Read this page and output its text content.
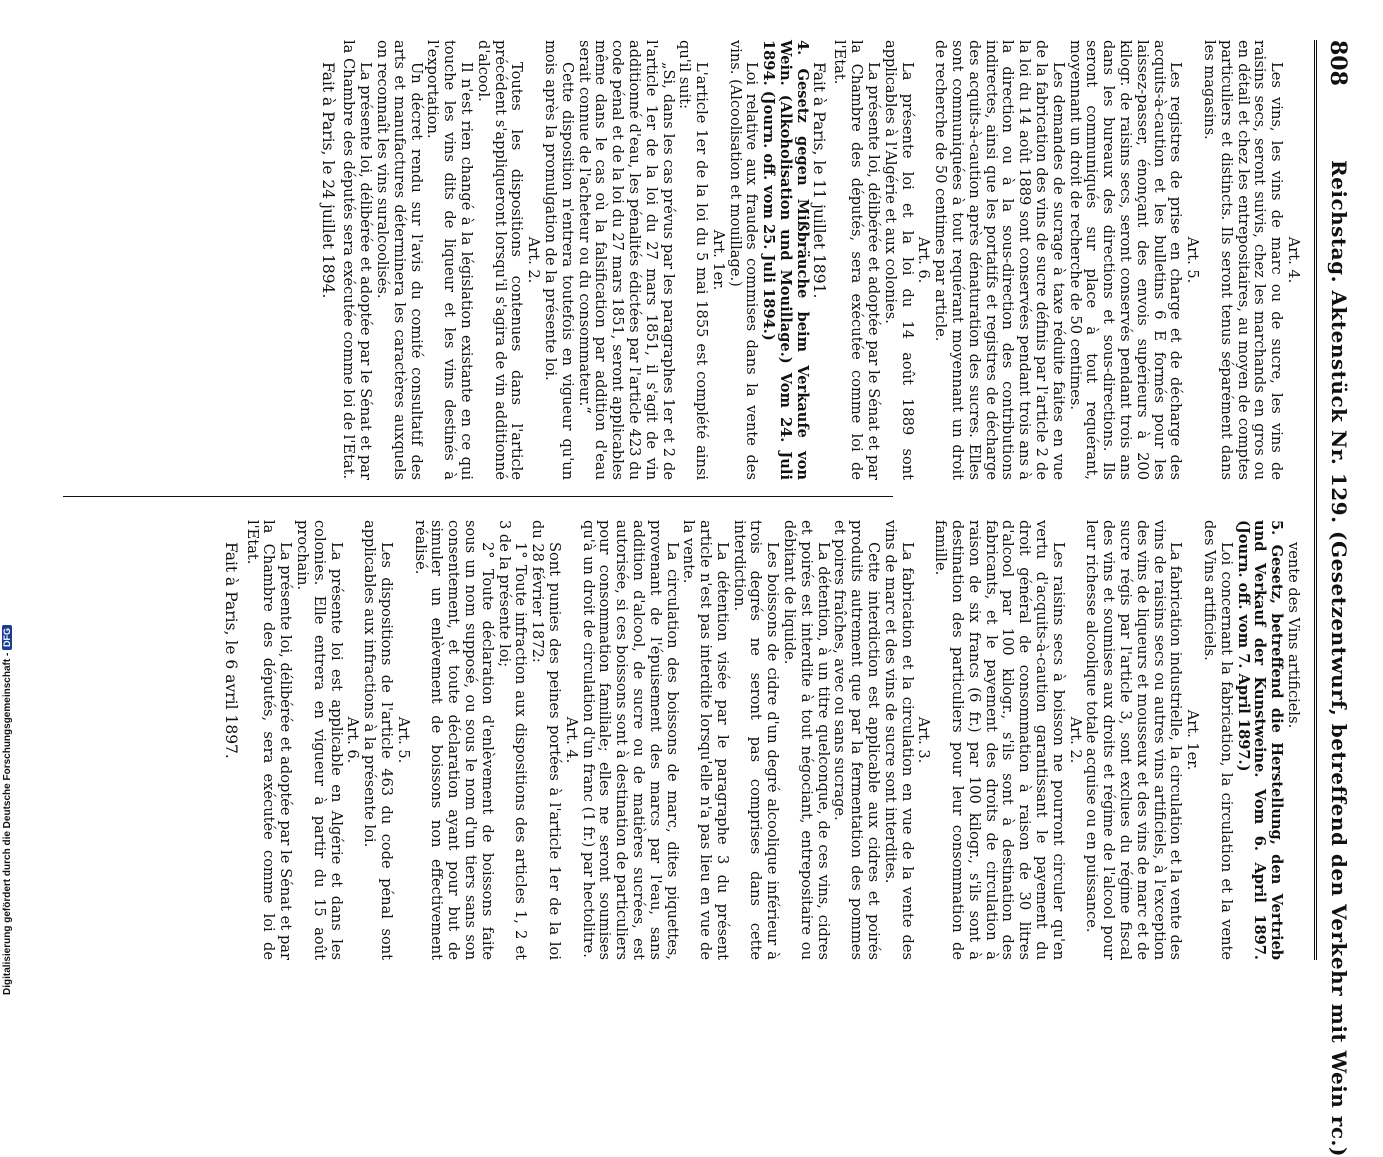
808
Reichstag. Aktenstück Nr. 129. (Gesetzentwurf, betreffend den Verkehr mit Wein rc.)

Art. 4.

Les vins, les vins de marc ou de sucre, les vins de raisins secs, seront suivis, chez les marchands en gros ou en détail et chez les entrepositaires, au moyen de comptes particuliers et distincts. Ils seront tenus séparément dans les magasins.

Art. 5.

Les registres de prise en charge et de décharge des acquits-à-caution et les bulletins 6 E formés pour les laissez-passer, énonçant des envois supérieurs à 200 kilogr. de raisins secs, seront conservés pendant trois ans dans les bureaux des directions et sous-directions. Ils seront communiqués sur place à tout requérant, moyennant un droit de recherche de 50 centimes.

Les demandes de sucrage à taxe réduite faites en vue de la fabrication des vins de sucre définis par l'article 2 de la loi du 14 août 1889 sont conservées pendant trois ans à la direction ou à la sous-direction des contributions indirectes, ainsi que les portatifs et registres de décharge des acquits-à-caution après dénaturation des sucres. Elles sont communiquées à tout requérant moyennant un droit de recherche de 50 centimes par article.

Art. 6.

La présente loi et la loi du 14 août 1889 sont applicables à l'Algérie et aux colonies.

La présente loi, délibérée et adoptée par le Sénat et par la Chambre des députés, sera exécutée comme loi de l'Etat.

Fait à Paris, le 11 juillet 1891.

4. Gesetz gegen Mißbräuche beim Verkaufe von Wein. (Alkoholisation und Mouillage.) Vom 24. Juli 1894. (Journ. off. vom 25. Juli 1894.)

Loi relative aux fraudes commises dans la vente des vins. (Alcoolisation et mouillage.)

Art. 1er.

L'article 1er de la loi du 5 mai 1855 est complété ainsi qu'il suit:

„Si, dans les cas prévus par les paragraphes 1er et 2 de l'article 1er de la loi du 27 mars 1851, il s'agit de vin additionné d'eau, les pénalités édictées par l'article 423 du code pénal et de la loi du 27 mars 1851, seront applicables même dans le cas où la falsification par addition d'eau serait connue de l'acheteur ou du consommateur.“

Cette disposition n'entrera toutefois en vigueur qu'un mois après la promulgation de la présente loi.

Art. 2.

Toutes les dispositions contenues dans l'article précédent s'appliqueront lorsqu'il s'agira de vin additionné d'alcool.

Il n'est rien changé à la législation existante en ce qui touche les vins dits de liqueur et les vins destinés à l'exportation.

Un décret rendu sur l'avis du comité consultatif des arts et manufactures déterminera les caractères auxquels on reconnaît les vins suralcoolisés.

La présente loi, délibérée et adoptée par le Sénat et par la Chambre des députés sera exécutée comme loi de l'Etat.

Fait à Paris, le 24 juillet 1894.

vente des Vins artificiels.

5. Gesetz, betreffend die Herstellung, den Vertrieb und Verkauf der Kunstweine. Vom 6. April 1897. (Journ. off. vom 7. April 1897.)

Loi concernant la fabrication, la circulation et la vente des Vins artificiels.

Art. 1er.

La fabrication industrielle, la circulation et la vente des vins de raisins secs ou autres vins artificiels, à l'exception des vins de liqueurs et mousseux et des vins de marc et de sucre régis par l'article 3, sont exclues du régime fiscal des vins et soumises aux droits et régime de l'alcool pour leur richesse alcoolique totale acquise ou en puissance.

Art. 2.

Les raisins secs à boisson ne pourront circuler qu'en vertu d'acquits-à-caution garantissant le payement du droit général de consommation à raison de 30 litres d'alcool par 100 kilogr., s'ils sont à destination des fabricants, et le payement des droits de circulation à raison de six francs (6 fr.) par 100 kilogr., s'ils sont à destination des particuliers pour leur consommation de famille.

Art. 3.

La fabrication et la circulation en vue de la vente des vins de marc et des vins de sucre sont interdites.

Cette interdiction est applicable aux cidres et poirés produits autrement que par la fermentation des pommes et poires fraîches, avec ou sans sucrage.

La détention, à un titre quelconque, de ces vins, cidres et poirés est interdite à tout négociant, entrepositaire ou débitant de liquide.

Les boissons de cidre d'un degré alcoolique inférieur à trois degrés ne seront pas comprises dans cette interdiction.

La détention visée par le paragraphe 3 du présent article n'est pas interdite lorsqu'elle n'a pas lieu en vue de la vente.

La circulation des boissons de marc, dites piquettes, provenant de l'épuisement des marcs par l'eau, sans addition d'alcool, de sucre ou de matières sucrées, est autorisée, si ces boissons sont à destination de particuliers pour consommation familiale; elles ne seront soumises qu'à un droit de circulation d'un franc (1 fr.) par hectolitre.

Art. 4.

Sont punies des peines portées à l'article 1er de la loi du 28 février 1872:

1° Toute infraction aux dispositions des articles 1, 2 et 3 de la présente loi;

2° Toute déclaration d'enlèvement de boissons faite sous un nom supposé, ou sous le nom d'un tiers sans son consentement, et toute déclaration ayant pour but de simuler un enlèvement de boissons non effectivement réalisé.

Art. 5.

Les dispositions de l'article 463 du code pénal sont applicables aux infractions à la présente loi.

Art. 6.

La présente loi est applicable en Algérie et dans les colonies. Elle entrera en vigueur à partir du 15 août prochain.

La présente loi, délibérée et adoptée par le Sénat et par la Chambre des députés, sera exécutée comme loi de l'Etat.

Fait à Paris, le 6 avril 1897.

Digitalisierung gefördert durch die Deutsche Forschungsgemeinschaft - DFG
